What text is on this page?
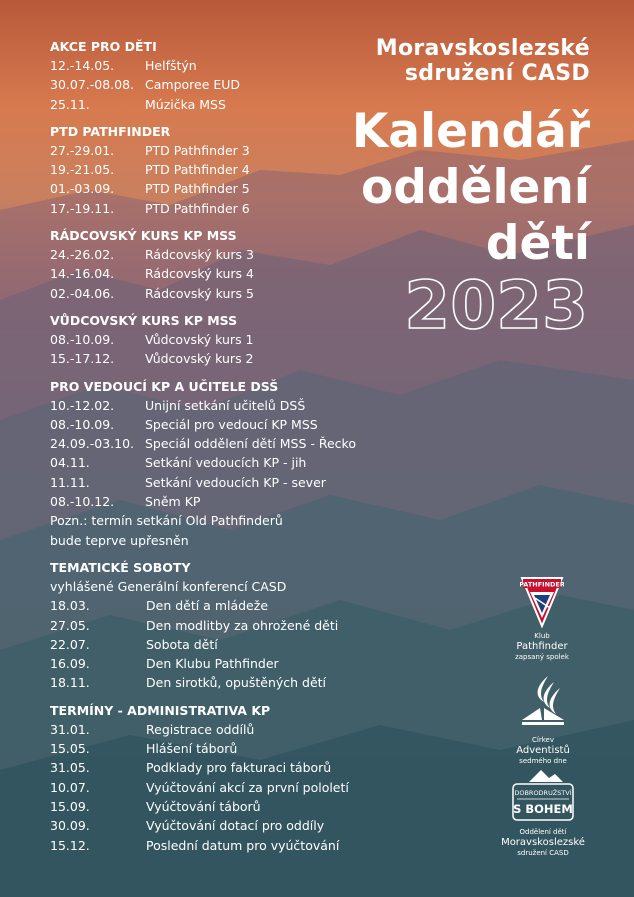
Moravskoslezské
sdružení CASD
Kalendář
oddělení
dětí
2023
AKCE PRO DĚTI
12.-14.05. Helfštýn
30.07.-08.08. Camporee EUD
25.11.	Múzička MSS
PTD PATHFINDER
27.-29.01. PTD Pathfinder 3
19.-21.05. PTD Pathfinder 4
01.-03.09. PTD Pathfinder 5
17.-19.11. PTD Pathfinder 6
RÁDCOVSKÝ KURS KP MSS
24.-26.02. Rádcovský kurs 3
14.-16.04. Rádcovský kurs 4
02.-04.06. Rádcovský kurs 5
VŮDCOVSKÝ KURS KP MSS
08.-10.09. Vůdcovský kurs 1
15.-17.12. Vůdcovský kurs 2
PRO VEDOUCÍ KP A UČITELE DSŠ
10.-12.02. Unijní setkání učitelů DSŠ
08.-10.09. Speciál pro vedoucí KP MSS
24.09.-03.10. Speciál oddělení dětí MSS - Řecko
04.11.	Setkání vedoucích KP - jih
11.11.	Setkání vedoucích KP - sever
08.-10.12. Sněm KP
Pozn.: termín setkání Old Pathfinderů
bude teprve upřesněn
TEMATICKÉ SOBOTY
vyhlášené Generální konferencí CASD
18.03.	Den dětí a mládeže
27.05.	Den modlitby za ohrožené děti
22.07.	Sobota dětí
16.09.	Den Klubu Pathfinder
18.11.	Den sirotků, opuštěných dětí
TERMÍNY - ADMINISTRATIVA KP
31.01.	Registrace oddílů
15.05.	Hlášení táborů
31.05.	Podklady pro fakturaci táborů
10.07.	Vyúčtování akcí za první pololetí
15.09.	Vyúčtování táborů
30.09.	Vyúčtování dotací pro oddíly
15.12.	Poslední datum pro vyúčtování
PATHFINDER
Klub
Pathfinder
zapsaný spolek
Církev
Adventistů
sedmého dne
DOBRODRUŽSTVÍ
S BOHEM
Oddělení dětí
Moravskoslezské
sdružení CASD
